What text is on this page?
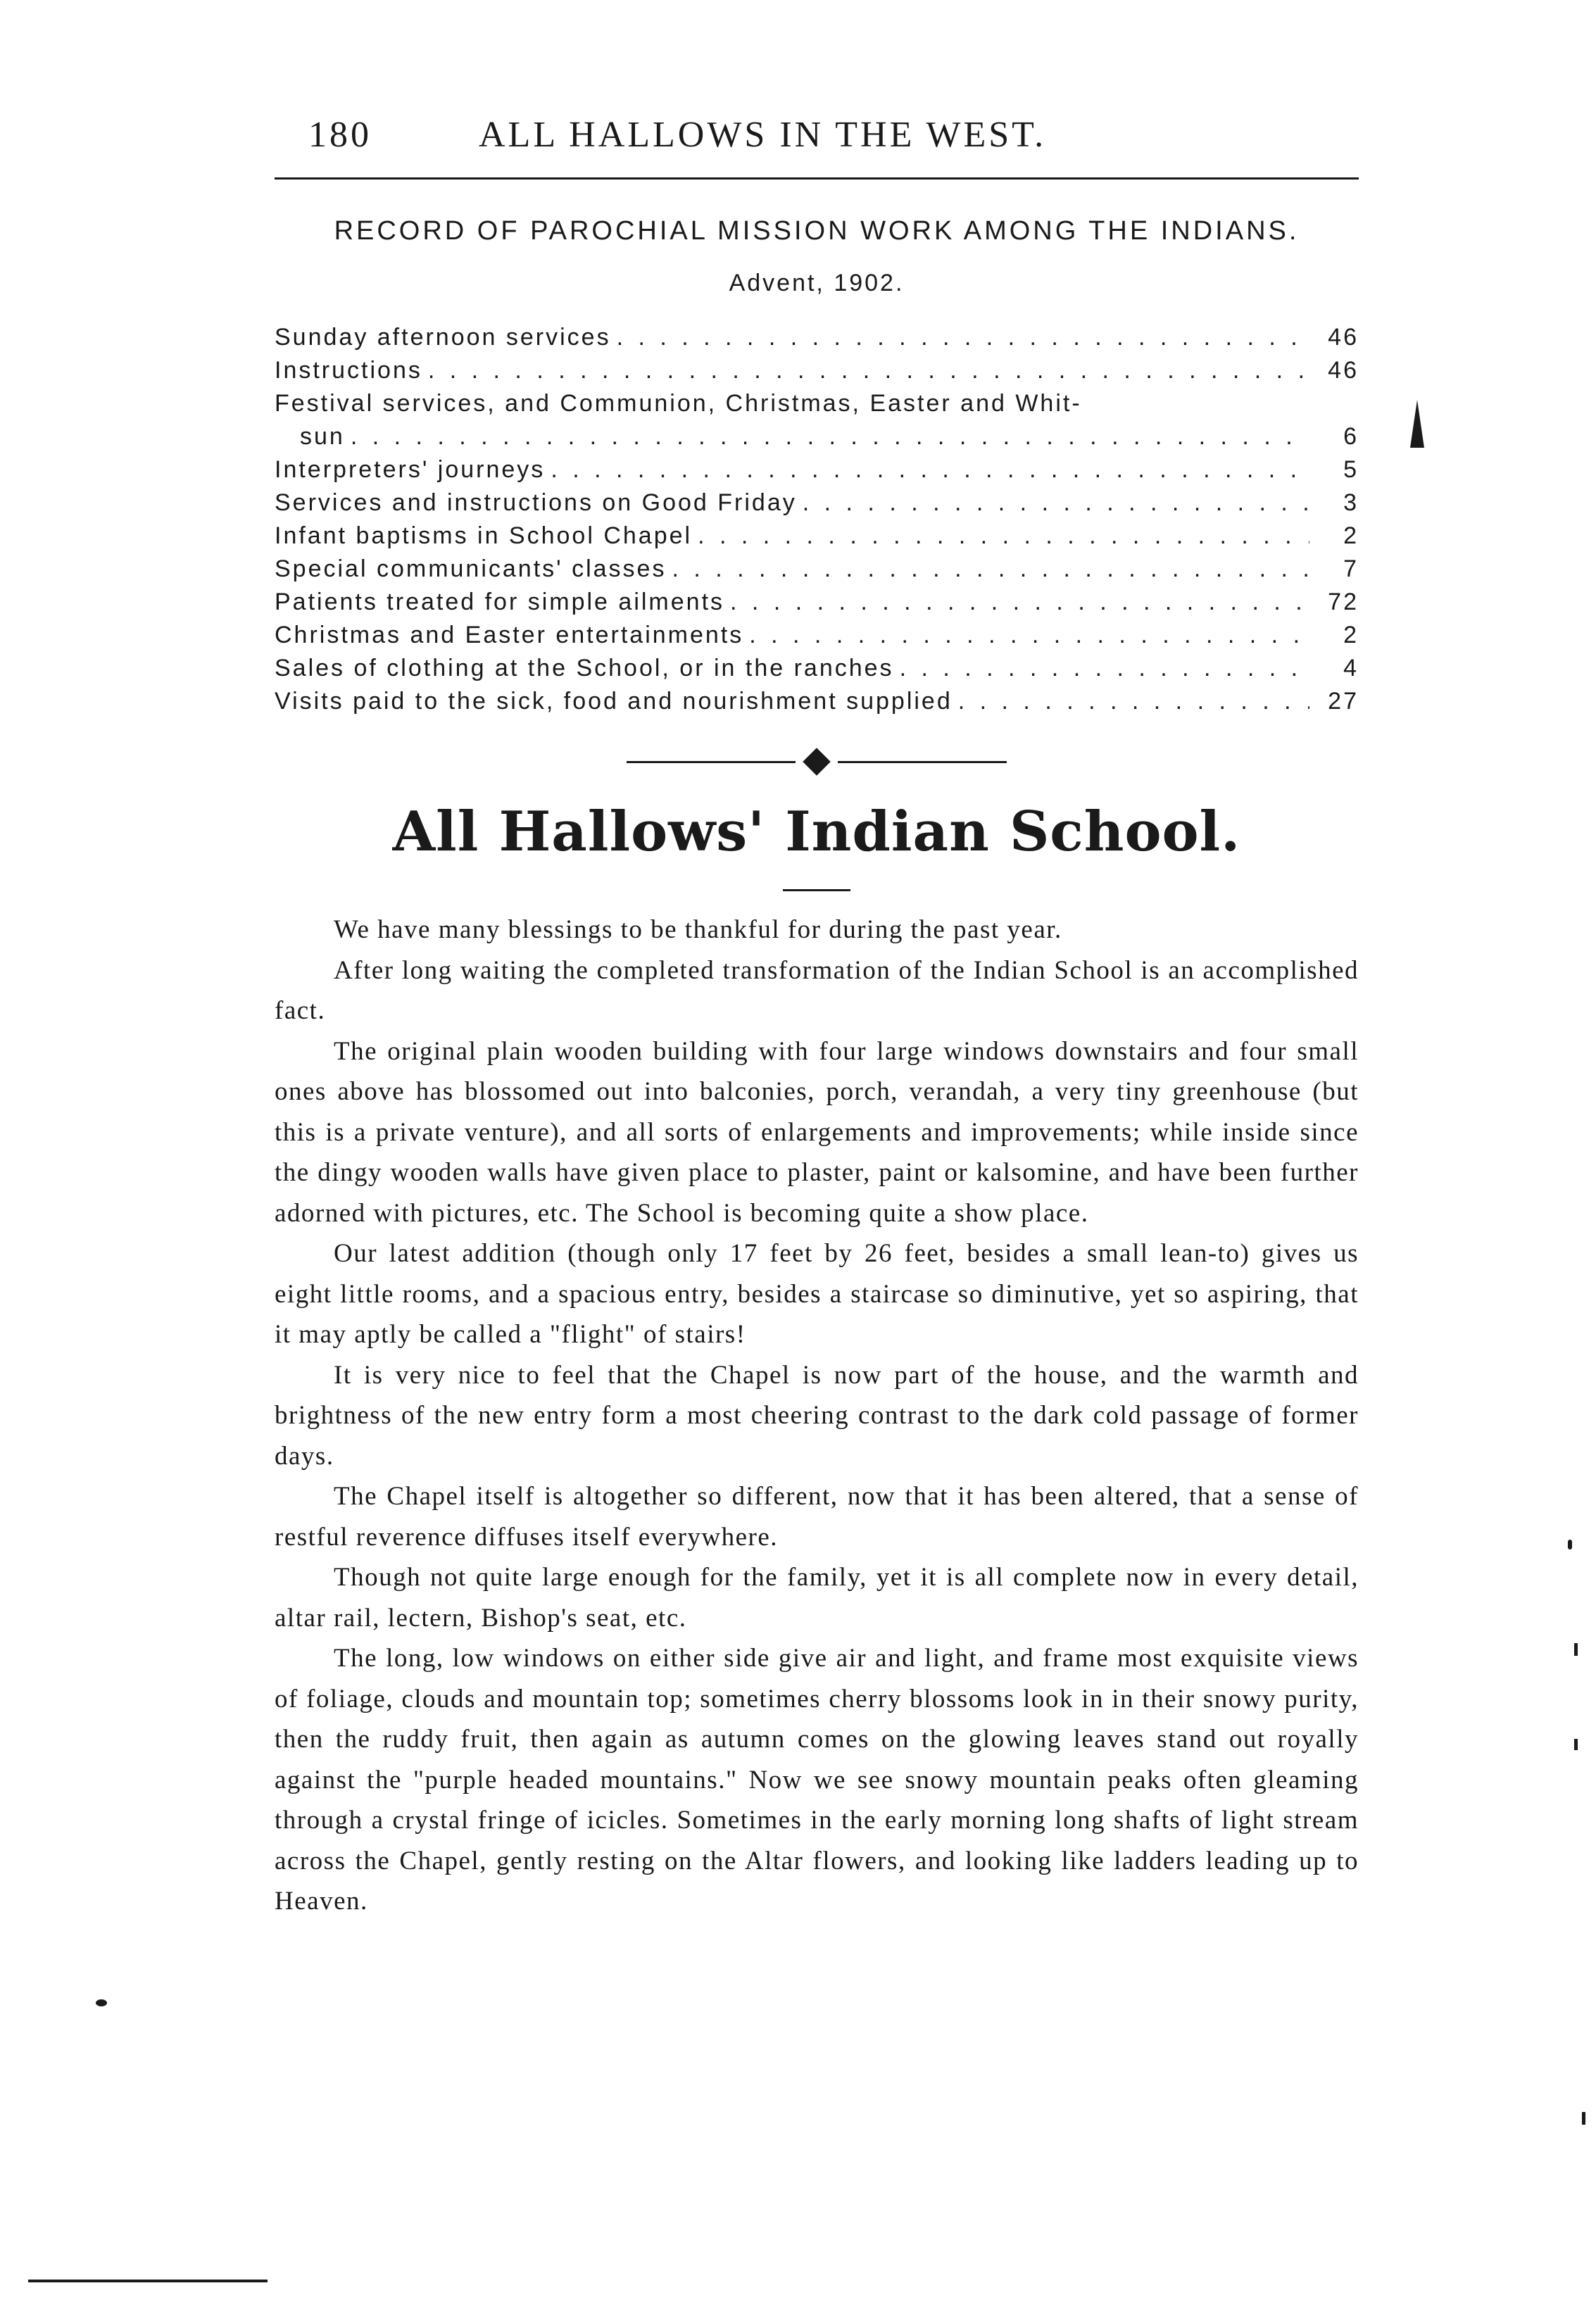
180	ALL HALLOWS IN THE WEST.
RECORD OF PAROCHIAL MISSION WORK AMONG THE INDIANS.
Advent, 1902.
Sunday afternoon services . . .	46
Instructions . . .	46
Festival services, and Communion, Christmas, Easter and Whit-
sun . . .	6
Interpreters' journeys . . .	5
Services and instructions on Good Friday . . .	3
Infant baptisms in School Chapel . . .	2
Special communicants' classes . . .	7
Patients treated for simple ailments . . .	72
Christmas and Easter entertainments . . .	2
Sales of clothing at the School, or in the ranches . . .	4
Visits paid to the sick, food and nourishment supplied . . .	27
All Hallows' Indian School.

We have many blessings to be thankful for during the past year.

After long waiting the completed transformation of the Indian School is an accomplished fact.

The original plain wooden building with four large windows downstairs and four small ones above has blossomed out into balconies, porch, verandah, a very tiny greenhouse (but this is a private venture), and all sorts of enlargements and improvements; while inside since the dingy wooden walls have given place to plaster, paint or kalsomine, and have been further adorned with pictures, etc. The School is becoming quite a show place.

Our latest addition (though only 17 feet by 26 feet, besides a small lean-to) gives us eight little rooms, and a spacious entry, besides a staircase so diminutive, yet so aspiring, that it may aptly be called a "flight" of stairs!

It is very nice to feel that the Chapel is now part of the house, and the warmth and brightness of the new entry form a most cheering contrast to the dark cold passage of former days.

The Chapel itself is altogether so different, now that it has been altered, that a sense of restful reverence diffuses itself everywhere.

Though not quite large enough for the family, yet it is all complete now in every detail, altar rail, lectern, Bishop's seat, etc.

The long, low windows on either side give air and light, and frame most exquisite views of foliage, clouds and mountain top; sometimes cherry blossoms look in in their snowy purity, then the ruddy fruit, then again as autumn comes on the glowing leaves stand out royally against the "purple headed mountains." Now we see snowy mountain peaks often gleaming through a crystal fringe of icicles. Sometimes in the early morning long shafts of light stream across the Chapel, gently resting on the Altar flowers, and looking like ladders leading up to Heaven.
